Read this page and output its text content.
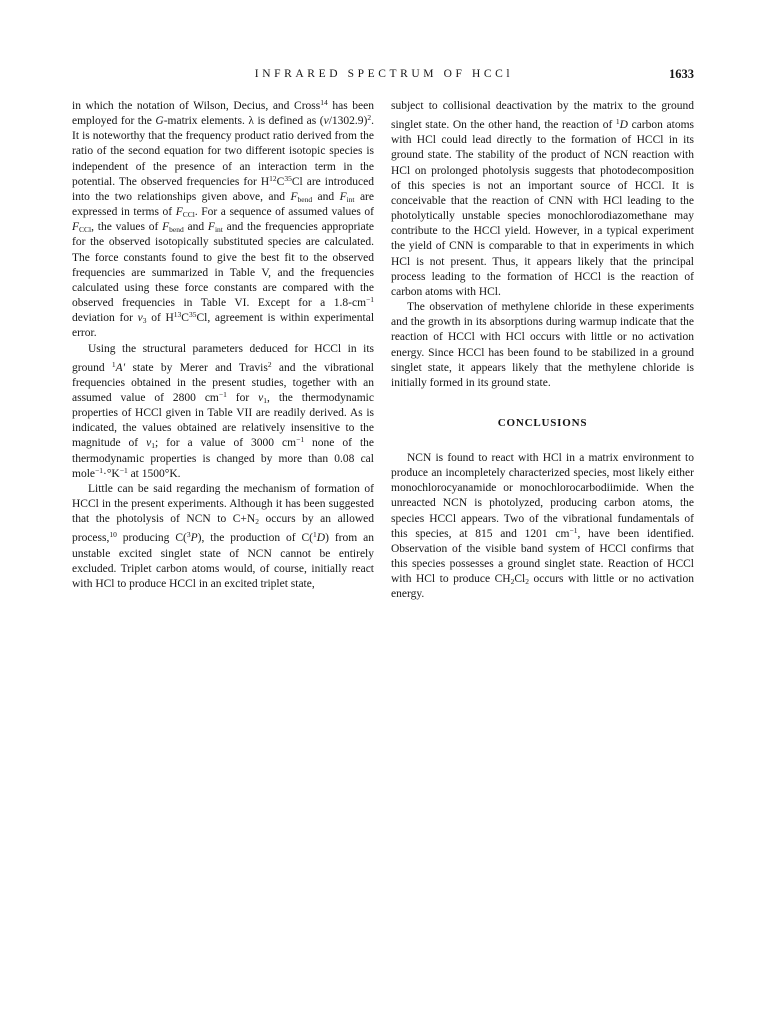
INFRARED SPECTRUM OF HCCl	1633

in which the notation of Wilson, Decius, and Cross$^{14}$ has been employed for the G-matrix elements. λ is defined as $(\nu/1302.9)^2$. It is noteworthy that the frequency product ratio derived from the ratio of the second equation for two different isotopic species is independent of the presence of an interaction term in the potential. The observed frequencies for $H^{12}C^{35}Cl$ are introduced into the two relationships given above, and $F_{bend}$ and $F_{int}$ are expressed in terms of $F_{CCl}$. For a sequence of assumed values of $F_{CCl}$, the values of $F_{bend}$ and $F_{int}$ and the frequencies appropriate for the observed isotopically substituted species are calculated. The force constants found to give the best fit to the observed frequencies are summarized in Table V, and the frequencies calculated using these force constants are compared with the observed frequencies in Table VI. Except for a $1.8-cm^{-1}$ deviation for $\nu_3$ of $H^{13}C^{35}Cl$, agreement is within experimental error.

Using the structural parameters deduced for HCCl in its ground $^1$A′ state by Merer and Travis$^2$ and the vibrational frequencies obtained in the present studies, together with an assumed value of 2800 $cm^{-1}$ for $\nu_1$, the thermodynamic properties of HCCl given in Table VII are readily derived. As is indicated, the values obtained are relatively insensitive to the magnitude of $\nu_1$; for a value of 3000 $cm^{-1}$ none of the thermodynamic properties is changed by more than 0.08 cal $mole^{-1}\cdot^\circ K^{-1}$ at 1500°K.

Little can be said regarding the mechanism of formation of HCCl in the present experiments. Although it has been suggested that the photolysis of NCN to $C+N_2$ occurs by an allowed process,$^{10}$ producing C($^3$P), the production of C($^1$D) from an unstable excited singlet state of NCN cannot be entirely excluded. Triplet carbon atoms would, of course, initially react with HCl to produce HCCl in an excited triplet state,

subject to collisional deactivation by the matrix to the ground singlet state. On the other hand, the reaction of $^1$D carbon atoms with HCl could lead directly to the formation of HCCl in its ground state. The stability of the product of NCN reaction with HCl on prolonged photolysis suggests that photodecomposition of this species is not an important source of HCCl. It is conceivable that the reaction of CNN with HCl leading to the photolytically unstable species monochlorodiazomethane may contribute to the HCCl yield. However, in a typical experiment the yield of CNN is comparable to that in experiments in which HCl is not present. Thus, it appears likely that the principal process leading to the formation of HCCl is the reaction of carbon atoms with HCl.

The observation of methylene chloride in these experiments and the growth in its absorptions during warmup indicate that the reaction of HCCl with HCl occurs with little or no activation energy. Since HCCl has been found to be stabilized in a ground singlet state, it appears likely that the methylene chloride is initially formed in its ground state.

CONCLUSIONS

NCN is found to react with HCl in a matrix environment to produce an incompletely characterized species, most likely either monochlorocyanamide or monochlorocarbodiimide. When the unreacted NCN is photolyzed, producing carbon atoms, the species HCCl appears. Two of the vibrational fundamentals of this species, at 815 and 1201 $cm^{-1}$, have been identified. Observation of the visible band system of HCCl confirms that this species possesses a ground singlet state. Reaction of HCCl with HCl to produce $CH_2Cl_2$ occurs with little or no activation energy.
